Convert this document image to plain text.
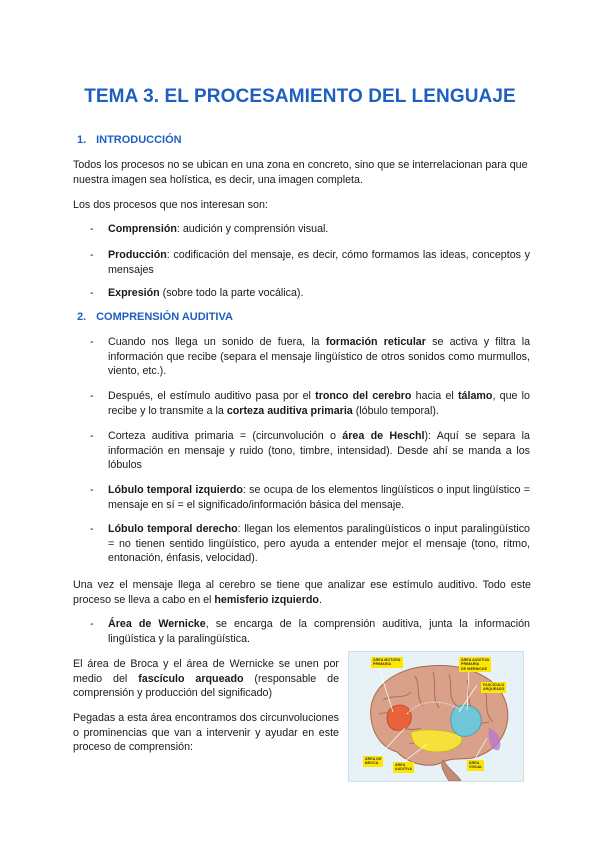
TEMA 3. EL PROCESAMIENTO DEL LENGUAJE
1. INTRODUCCIÓN
Todos los procesos no se ubican en una zona en concreto, sino que se interrelacionan para que nuestra imagen sea holística, es decir, una imagen completa.
Los dos procesos que nos interesan son:
- Comprensión: audición y comprensión visual.
- Producción: codificación del mensaje, es decir, cómo formamos las ideas, conceptos y mensajes
- Expresión (sobre todo la parte vocálica).
2. COMPRENSIÓN AUDITIVA
- Cuando nos llega un sonido de fuera, la formación reticular se activa y filtra la información que recibe (separa el mensaje lingüístico de otros sonidos como murmullos, viento, etc.).
- Después, el estímulo auditivo pasa por el tronco del cerebro hacia el tálamo, que lo recibe y lo transmite a la corteza auditiva primaria (lóbulo temporal).
- Corteza auditiva primaria = (circunvolución o área de Heschl): Aquí se separa la información en mensaje y ruido (tono, timbre, intensidad). Desde ahí se manda a los lóbulos
- Lóbulo temporal izquierdo: se ocupa de los elementos lingüísticos o input lingüístico = mensaje en sí = el significado/información básica del mensaje.
- Lóbulo temporal derecho: llegan los elementos paralingüísticos o input paralingüístico = no tienen sentido lingüístico, pero ayuda a entender mejor el mensaje (tono, ritmo, entonación, énfasis, velocidad).
Una vez el mensaje llega al cerebro se tiene que analizar ese estímulo auditivo. Todo este proceso se lleva a cabo en el hemisferio izquierdo.
- Área de Wernicke, se encarga de la comprensión auditiva, junta la información lingüística y la paralingüística.
El área de Broca y el área de Wernicke se unen por medio del fascículo arqueado (responsable de comprensión y producción del significado)
Pegadas a esta área encontramos dos circunvoluciones o prominencias que van a intervenir y ayudar en este proceso de comprensión:
ÁREA MOTORA
PRIMARIA
ÁREA AUDITIVA
PRIMARIA
DE WERNICKE
FASCÍCULO
ARQUEADO
ÁREA DE
BROCA	ÁREA
AUDITIVA
ÁREA
VISUAL
